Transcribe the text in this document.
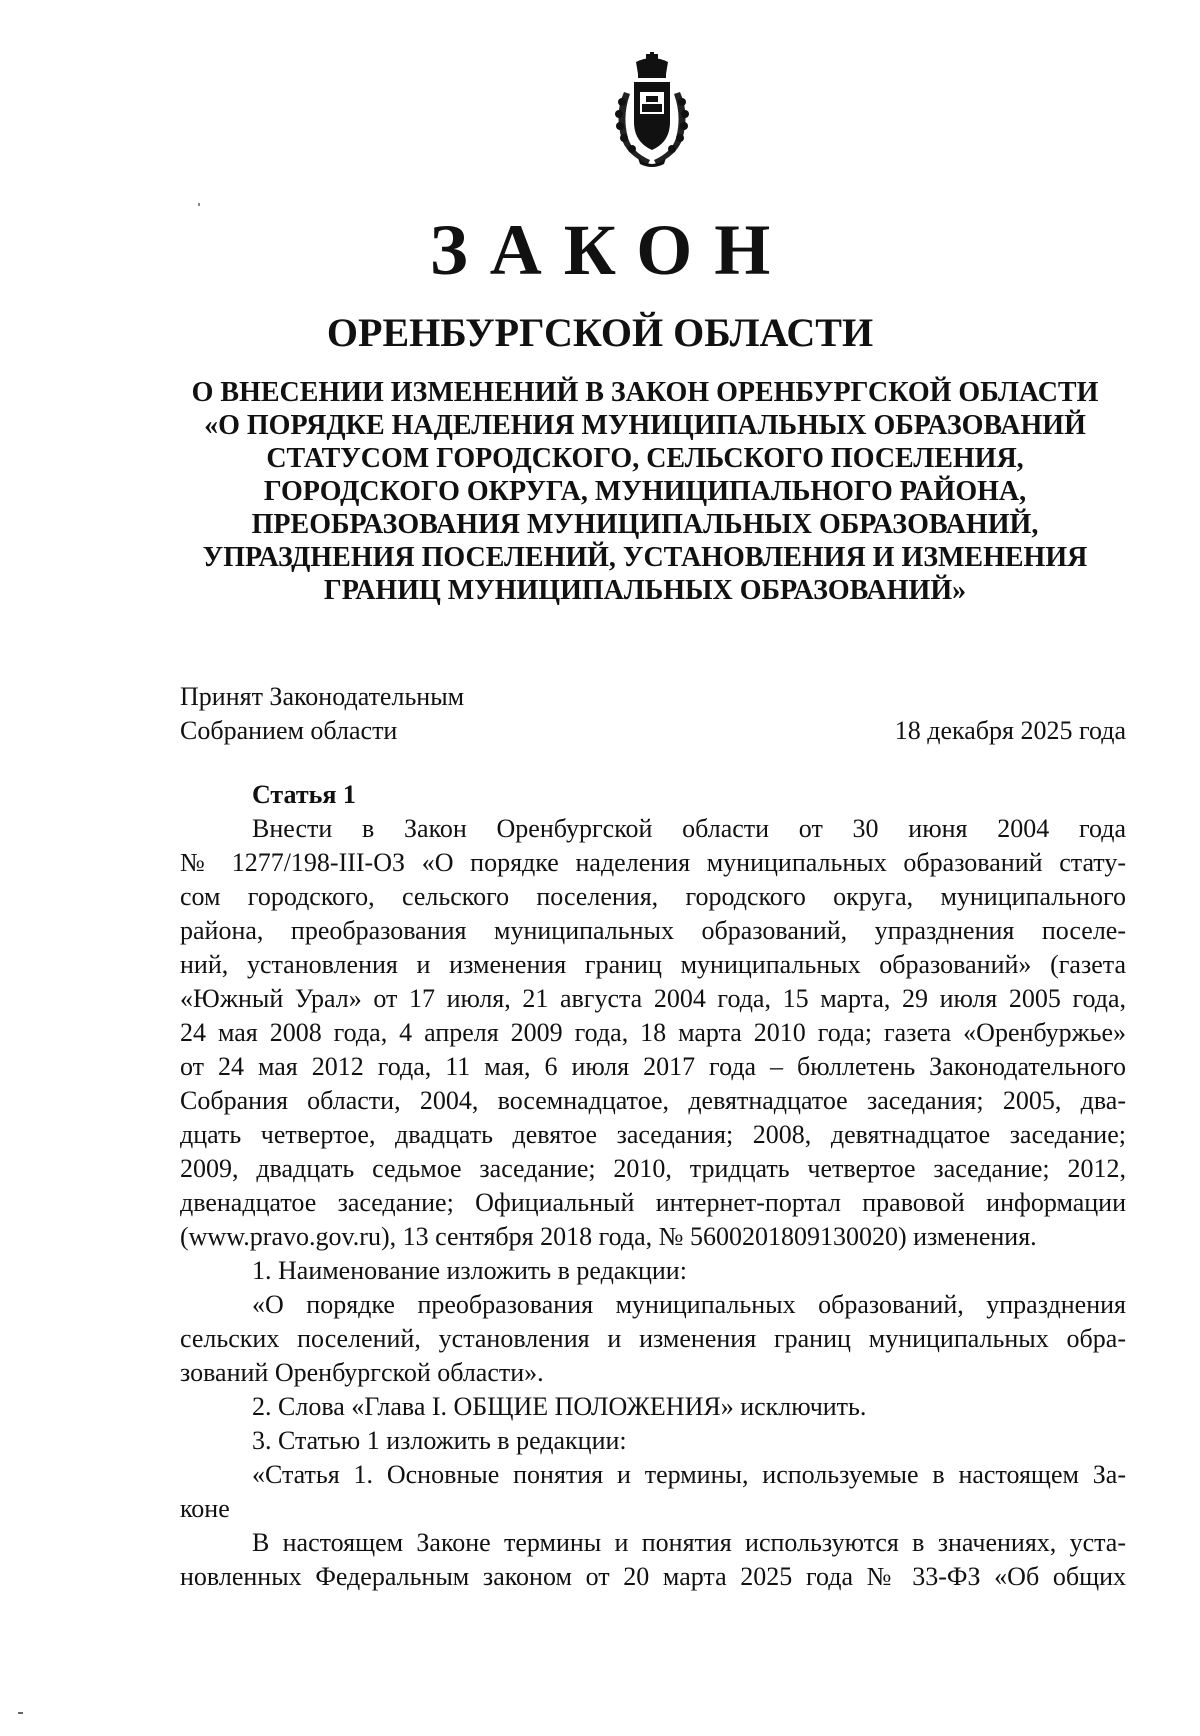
ЗАКОН
ОРЕНБУРГСКОЙ ОБЛАСТИ
О ВНЕСЕНИИ ИЗМЕНЕНИЙ В ЗАКОН ОРЕНБУРГСКОЙ ОБЛАСТИ
«О ПОРЯДКЕ НАДЕЛЕНИЯ МУНИЦИПАЛЬНЫХ ОБРАЗОВАНИЙ
СТАТУСОМ ГОРОДСКОГО, СЕЛЬСКОГО ПОСЕЛЕНИЯ,
ГОРОДСКОГО ОКРУГА, МУНИЦИПАЛЬНОГО РАЙОНА,
ПРЕОБРАЗОВАНИЯ МУНИЦИПАЛЬНЫХ ОБРАЗОВАНИЙ,
УПРАЗДНЕНИЯ ПОСЕЛЕНИЙ, УСТАНОВЛЕНИЯ И ИЗМЕНЕНИЯ
ГРАНИЦ МУНИЦИПАЛЬНЫХ ОБРАЗОВАНИЙ»
Принят Законодательным
Собранием области	18 декабря 2025 года
Статья 1
Внести в Закон Оренбургской области от 30 июня 2004 года
№ 1277/198-III-ОЗ «О порядке наделения муниципальных образований стату-
сом городского, сельского поселения, городского округа, муниципального
района, преобразования муниципальных образований, упразднения поселе-
ний, установления и изменения границ муниципальных образований» (газета
«Южный Урал» от 17 июля, 21 августа 2004 года, 15 марта, 29 июля 2005 года,
24 мая 2008 года, 4 апреля 2009 года, 18 марта 2010 года; газета «Оренбуржье»
от 24 мая 2012 года, 11 мая, 6 июля 2017 года – бюллетень Законодательного
Собрания области, 2004, восемнадцатое, девятнадцатое заседания; 2005, два-
дцать четвертое, двадцать девятое заседания; 2008, девятнадцатое заседание;
2009, двадцать седьмое заседание; 2010, тридцать четвертое заседание; 2012,
двенадцатое заседание; Официальный интернет-портал правовой информации
(www.pravo.gov.ru), 13 сентября 2018 года, № 5600201809130020) изменения.
1. Наименование изложить в редакции:
«О порядке преобразования муниципальных образований, упразднения
сельских поселений, установления и изменения границ муниципальных обра-
зований Оренбургской области».
2. Слова «Глава I. ОБЩИЕ ПОЛОЖЕНИЯ» исключить.
3. Статью 1 изложить в редакции:
«Статья 1. Основные понятия и термины, используемые в настоящем За-
коне
В настоящем Законе термины и понятия используются в значениях, уста-
новленных Федеральным законом от 20 марта 2025 года № 33-ФЗ «Об общих
